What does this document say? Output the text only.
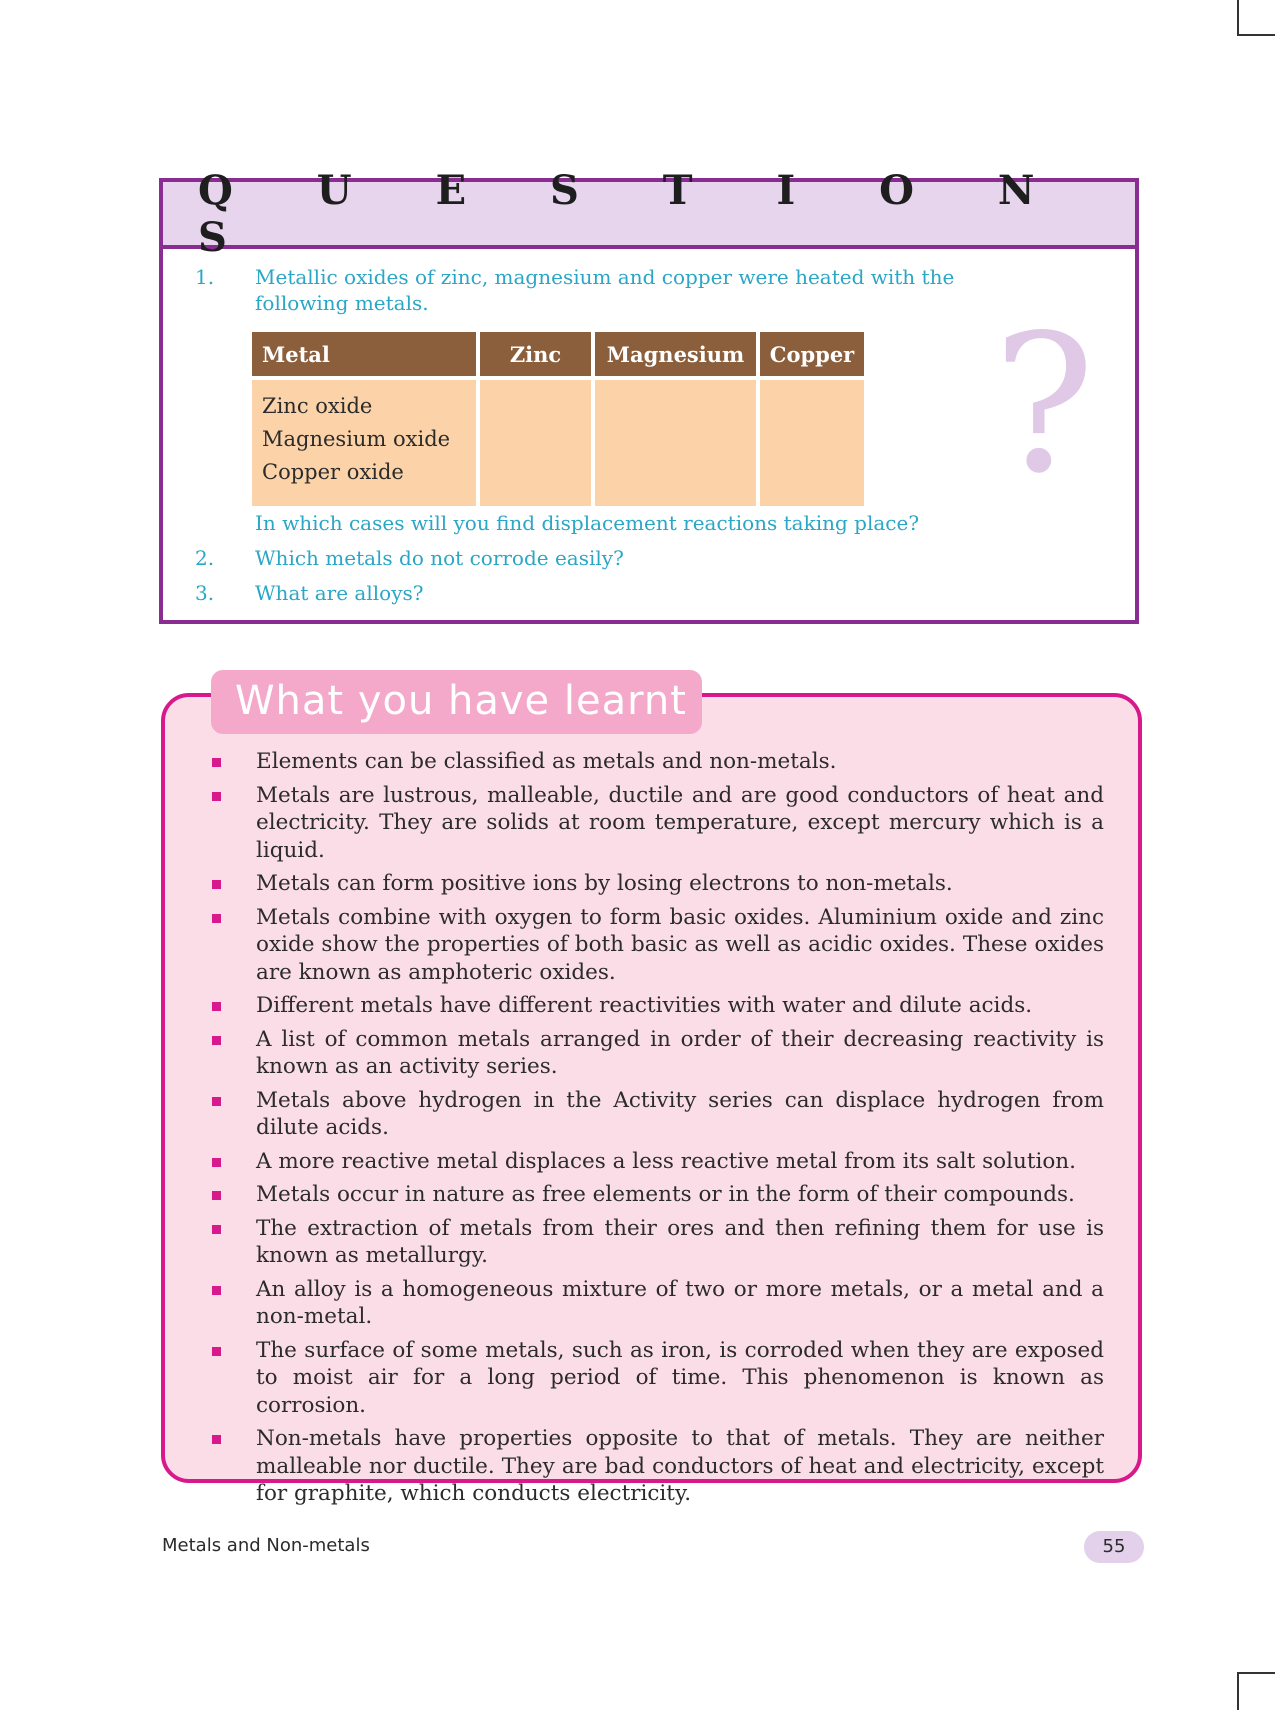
Q U E S T I O N S
1. Metallic oxides of zinc, magnesium and copper were heated with the following metals.
Metal	Zinc	Magnesium	Copper

Zinc oxide
Magnesium oxide
Copper oxide			
				?
In which cases will you find displacement reactions taking place?
2. Which metals do not corrode easily?
3. What are alloys?
What you have learnt
Elements can be classified as metals and non-metals.
Metals are lustrous, malleable, ductile and are good conductors of heat and electricity. They are solids at room temperature, except mercury which is a liquid.
Metals can form positive ions by losing electrons to non-metals.
Metals combine with oxygen to form basic oxides. Aluminium oxide and zinc oxide show the properties of both basic as well as acidic oxides. These oxides are known as amphoteric oxides.
Different metals have different reactivities with water and dilute acids.
A list of common metals arranged in order of their decreasing reactivity is known as an activity series.
Metals above hydrogen in the Activity series can displace hydrogen from dilute acids.
A more reactive metal displaces a less reactive metal from its salt solution.
Metals occur in nature as free elements or in the form of their compounds.
The extraction of metals from their ores and then refining them for use is known as metallurgy.
An alloy is a homogeneous mixture of two or more metals, or a metal and a non-metal.
The surface of some metals, such as iron, is corroded when they are exposed to moist air for a long period of time. This phenomenon is known as corrosion.
Non-metals have properties opposite to that of metals. They are neither malleable nor ductile. They are bad conductors of heat and electricity, except for graphite, which conducts electricity.
Metals and Non-metals	55
